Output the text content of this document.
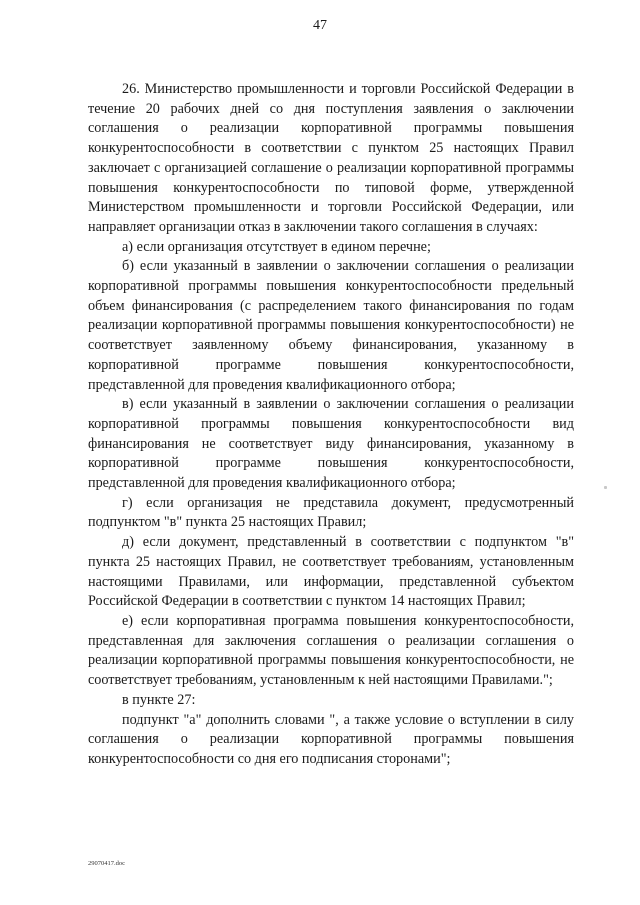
47

26. Министерство промышленности и торговли Российской Федерации в течение 20 рабочих дней со дня поступления заявления о заключении соглашения о реализации корпоративной программы повышения конкурентоспособности в соответствии с пунктом 25 настоящих Правил заключает с организацией соглашение о реализации корпоративной программы повышения конкурентоспособности по типовой форме, утвержденной Министерством промышленности и торговли Российской Федерации, или направляет организации отказ в заключении такого соглашения в случаях:

а) если организация отсутствует в едином перечне;

б) если указанный в заявлении о заключении соглашения о реализации корпоративной программы повышения конкурентоспособности предельный объем финансирования (с распределением такого финансирования по годам реализации корпоративной программы повышения конкурентоспособности) не соответствует заявленному объему финансирования, указанному в корпоративной программе повышения конкурентоспособности, представленной для проведения квалификационного отбора;

в) если указанный в заявлении о заключении соглашения о реализации корпоративной программы повышения конкурентоспособности вид финансирования не соответствует виду финансирования, указанному в корпоративной программе повышения конкурентоспособности, представленной для проведения квалификационного отбора;

г) если организация не представила документ, предусмотренный подпунктом "в" пункта 25 настоящих Правил;

д) если документ, представленный в соответствии с подпунктом "в" пункта 25 настоящих Правил, не соответствует требованиям, установленным настоящими Правилами, или информации, представленной субъектом Российской Федерации в соответствии с пунктом 14 настоящих Правил;

е) если корпоративная программа повышения конкурентоспособности, представленная для заключения соглашения о реализации соглашения о реализации корпоративной программы повышения конкурентоспособности, не соответствует требованиям, установленным к ней настоящими Правилами.";

в пункте 27:

подпункт "а" дополнить словами ", а также условие о вступлении в силу соглашения о реализации корпоративной программы повышения конкурентоспособности со дня его подписания сторонами";

29070417.doc
